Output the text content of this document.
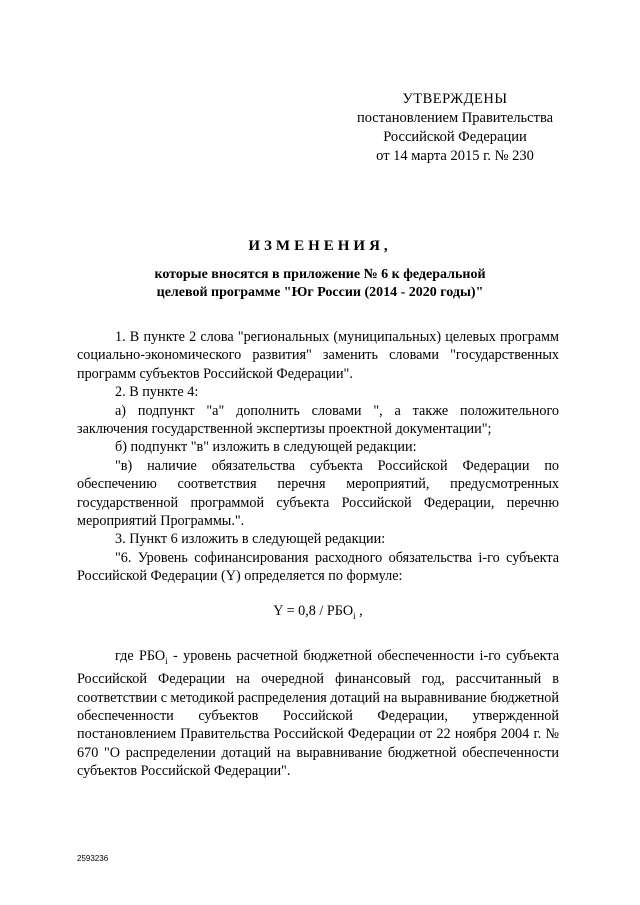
УТВЕРЖДЕНЫ
постановлением Правительства
Российской Федерации
от 14 марта 2015 г. № 230
ИЗМЕНЕНИЯ,
которые вносятся в приложение № 6 к федеральной
целевой программе "Юг России (2014 - 2020 годы)"

1. В пункте 2 слова "региональных (муниципальных) целевых программ социально-экономического развития" заменить словами "государственных программ субъектов Российской Федерации".

2. В пункте 4:

а) подпункт "а" дополнить словами ", а также положительного заключения государственной экспертизы проектной документации";

б) подпункт "в" изложить в следующей редакции:

"в) наличие обязательства субъекта Российской Федерации по обеспечению соответствия перечня мероприятий, предусмотренных государственной программой субъекта Российской Федерации, перечню мероприятий Программы.".

3. Пункт 6 изложить в следующей редакции:

"6. Уровень софинансирования расходного обязательства i-го субъекта Российской Федерации (Y) определяется по формуле:

$Y = 0,8 / РБО_i$ ,

где $РБО_i$ - уровень расчетной бюджетной обеспеченности i-го субъекта Российской Федерации на очередной финансовый год, рассчитанный в соответствии с методикой распределения дотаций на выравнивание бюджетной обеспеченности субъектов Российской Федерации, утвержденной постановлением Правительства Российской Федерации от 22 ноября 2004 г. № 670 "О распределении дотаций на выравнивание бюджетной обеспеченности субъектов Российской Федерации".

2593236
